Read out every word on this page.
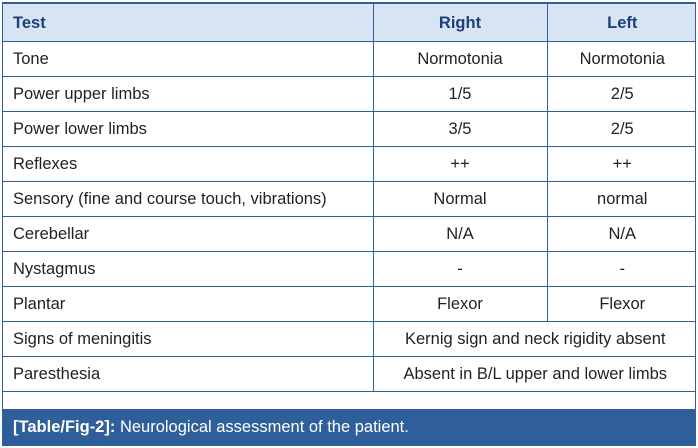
Test	Right	Left
Tone	Normotonia	Normotonia
Power upper limbs	1/5	2/5
Power lower limbs	3/5	2/5
Reflexes	++	++
Sensory (fine and course touch, vibrations)	Normal	normal
Cerebellar	N/A	N/A
Nystagmus	-	-
Plantar	Flexor	Flexor
Signs of meningitis	Kernig sign and neck rigidity absent	
Paresthesia	Absent in B/L upper and lower limbs	
[Table/Fig-2]: Neurological assessment of the patient.
